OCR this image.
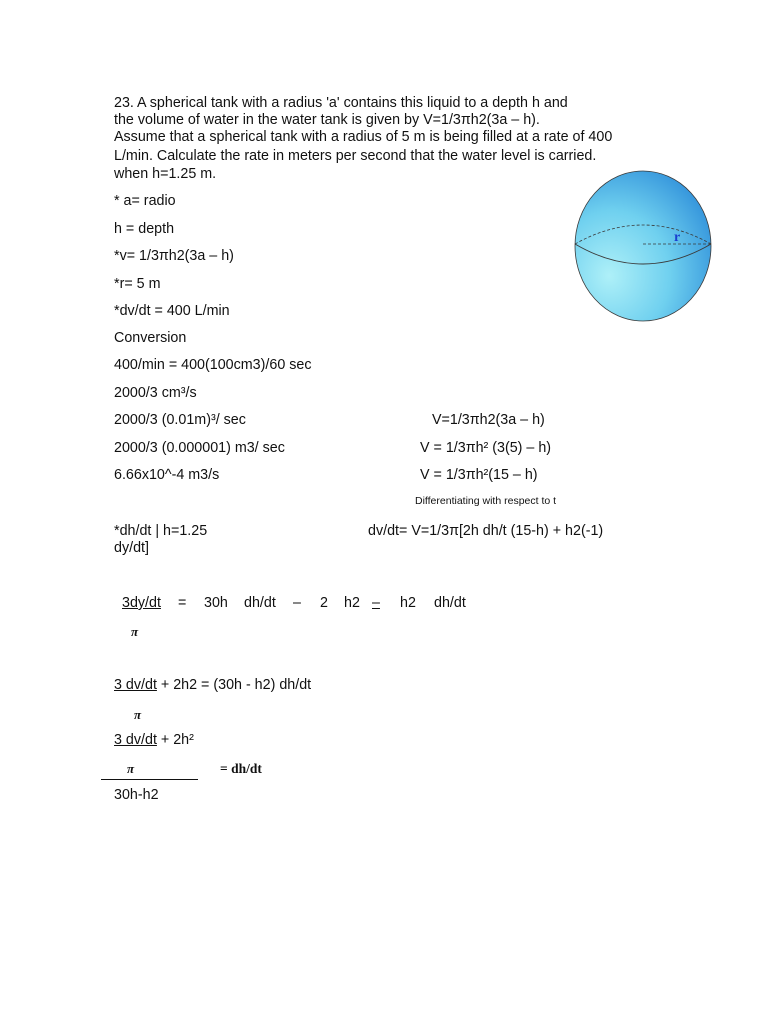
23. A spherical tank with a radius 'a' contains this liquid to a depth h and

the volume of water in the water tank is given by V=1/3πh2(3a – h).

Assume that a spherical tank with a radius of 5 m is being filled at a rate of 400

L/min. Calculate the rate in meters per second that the water level is carried.

when h=1.25 m.

* a= radio

h = depth

*v= 1/3πh2(3a – h)

*r= 5 m

*dv/dt = 400 L/min

Conversion

400/min = 400(100cm3)/60 sec

2000/3 cm³/s

2000/3 (0.01m)³/ sec

2000/3 (0.000001) m3/ sec

6.66x10^-4 m3/s

V=1/3πh2(3a – h)

V = 1/3πh² (3(5) – h)

V = 1/3πh²(15 – h)

Differentiating with respect to t

*dh/dt | h=1.25

dy/dt]

dv/dt= V=1/3π[2h dh/t (15-h) + h2(-1)

3dy/dt = 30h dh/dt – 2 h2 – h2 dh/dt

π

3 dv/dt + 2h2 = (30h - h2) dh/dt

π

3 dv/dt + 2h²

π	= dh/dt

30h-h2

r
